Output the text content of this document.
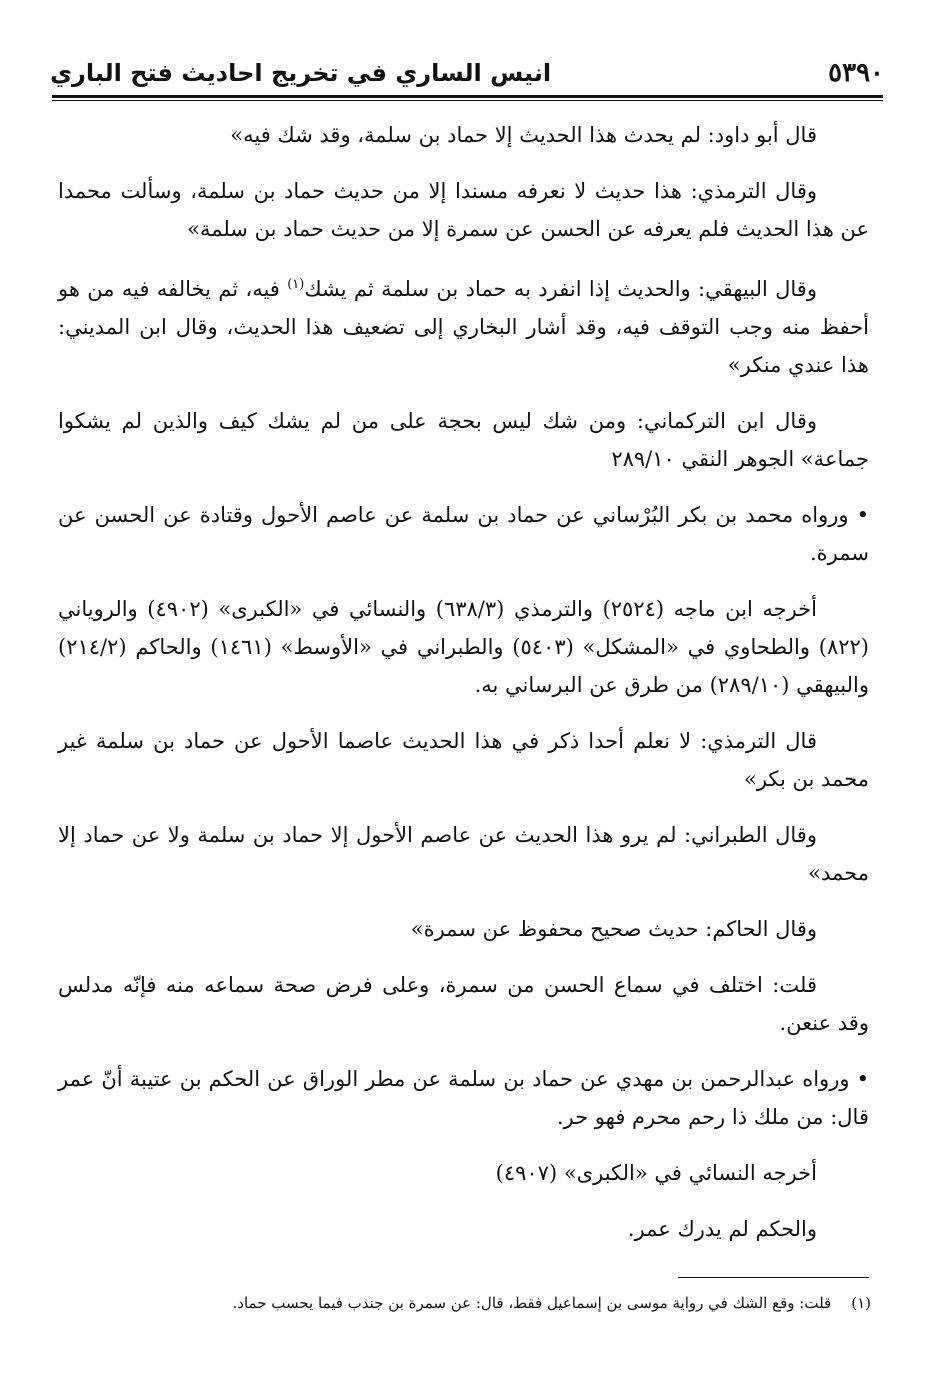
٥٣٩٠
انيس الساري في تخريج احاديث فتح الباري

قال أبو داود: لم يحدث هذا الحديث إلا حماد بن سلمة، وقد شك فيه»

وقال الترمذي: هذا حديث لا نعرفه مسندا إلا من حديث حماد بن سلمة، وسألت محمدا عن هذا الحديث فلم يعرفه عن الحسن عن سمرة إلا من حديث حماد بن سلمة»

وقال البيهقي: والحديث إذا انفرد به حماد بن سلمة ثم يشك$^{(١)}$ فيه، ثم يخالفه فيه من هو أحفظ منه وجب التوقف فيه، وقد أشار البخاري إلى تضعيف هذا الحديث، وقال ابن المديني: هذا عندي منكر»

وقال ابن التركماني: ومن شك ليس بحجة على من لم يشك كيف والذين لم يشكوا جماعة» الجوهر النقي ٢٨٩/١٠

• ورواه محمد بن بكر البُرْساني عن حماد بن سلمة عن عاصم الأحول وقتادة عن الحسن عن سمرة.

أخرجه ابن ماجه (٢٥٢٤) والترمذي (٦٣٨/٣) والنسائي في «الكبرى» (٤٩٠٢) والروياني (٨٢٢) والطحاوي في «المشكل» (٥٤٠٣) والطبراني في «الأوسط» (١٤٦١) والحاكم (٢١٤/٢) والبيهقي (٢٨٩/١٠) من طرق عن البرساني به.

قال الترمذي: لا نعلم أحدا ذكر في هذا الحديث عاصما الأحول عن حماد بن سلمة غير محمد بن بكر»

وقال الطبراني: لم يرو هذا الحديث عن عاصم الأحول إلا حماد بن سلمة ولا عن حماد إلا محمد»

وقال الحاكم: حديث صحيح محفوظ عن سمرة»

قلت: اختلف في سماع الحسن من سمرة، وعلى فرض صحة سماعه منه فإنّه مدلس وقد عنعن.

• ورواه عبدالرحمن بن مهدي عن حماد بن سلمة عن مطر الوراق عن الحكم بن عتيبة أنّ عمر قال: من ملك ذا رحم محرم فهو حر.

أخرجه النسائي في «الكبرى» (٤٩٠٧)

والحكم لم يدرك عمر.

(١)قلت: وقع الشك في رواية موسى بن إسماعيل فقط، قال: عن سمرة بن جندب فيما يحسب حماد.
